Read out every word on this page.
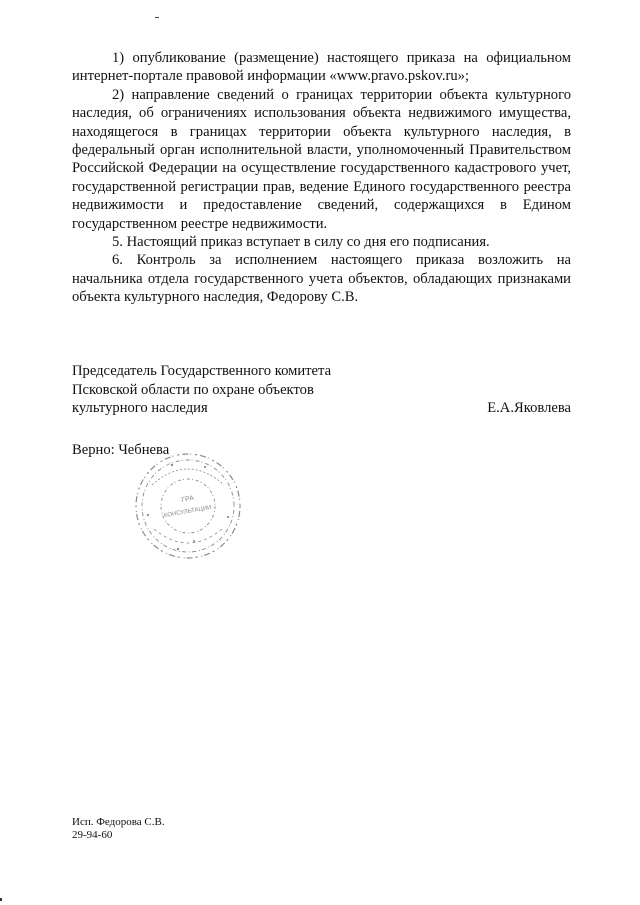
1) опубликование (размещение) настоящего приказа на официальном интернет-портале правовой информации «www.pravo.pskov.ru»;

2) направление сведений о границах территории объекта культурного наследия, об ограничениях использования объекта недвижимого имущества, находящегося в границах территории объекта культурного наследия, в федеральный орган исполнительной власти, уполномоченный Правительством Российской Федерации на осуществление государственного кадастрового учет, государственной регистрации прав, ведение Единого государственного реестра недвижимости и предоставление сведений, содержащихся в Едином государственном реестре недвижимости.

5. Настоящий приказ вступает в силу со дня его подписания.

6. Контроль за исполнением настоящего приказа возложить на начальника отдела государственного учета объектов, обладающих признаками объекта культурного наследия, Федорову С.В.

Председатель Государственного комитета
Псковской области по охране объектов
культурного наследия	Е.А.Яковлева
Верно: Чебнева
ГРА
КОНСУЛЬТАЦИИ
Исп. Федорова С.В.
29-94-60
